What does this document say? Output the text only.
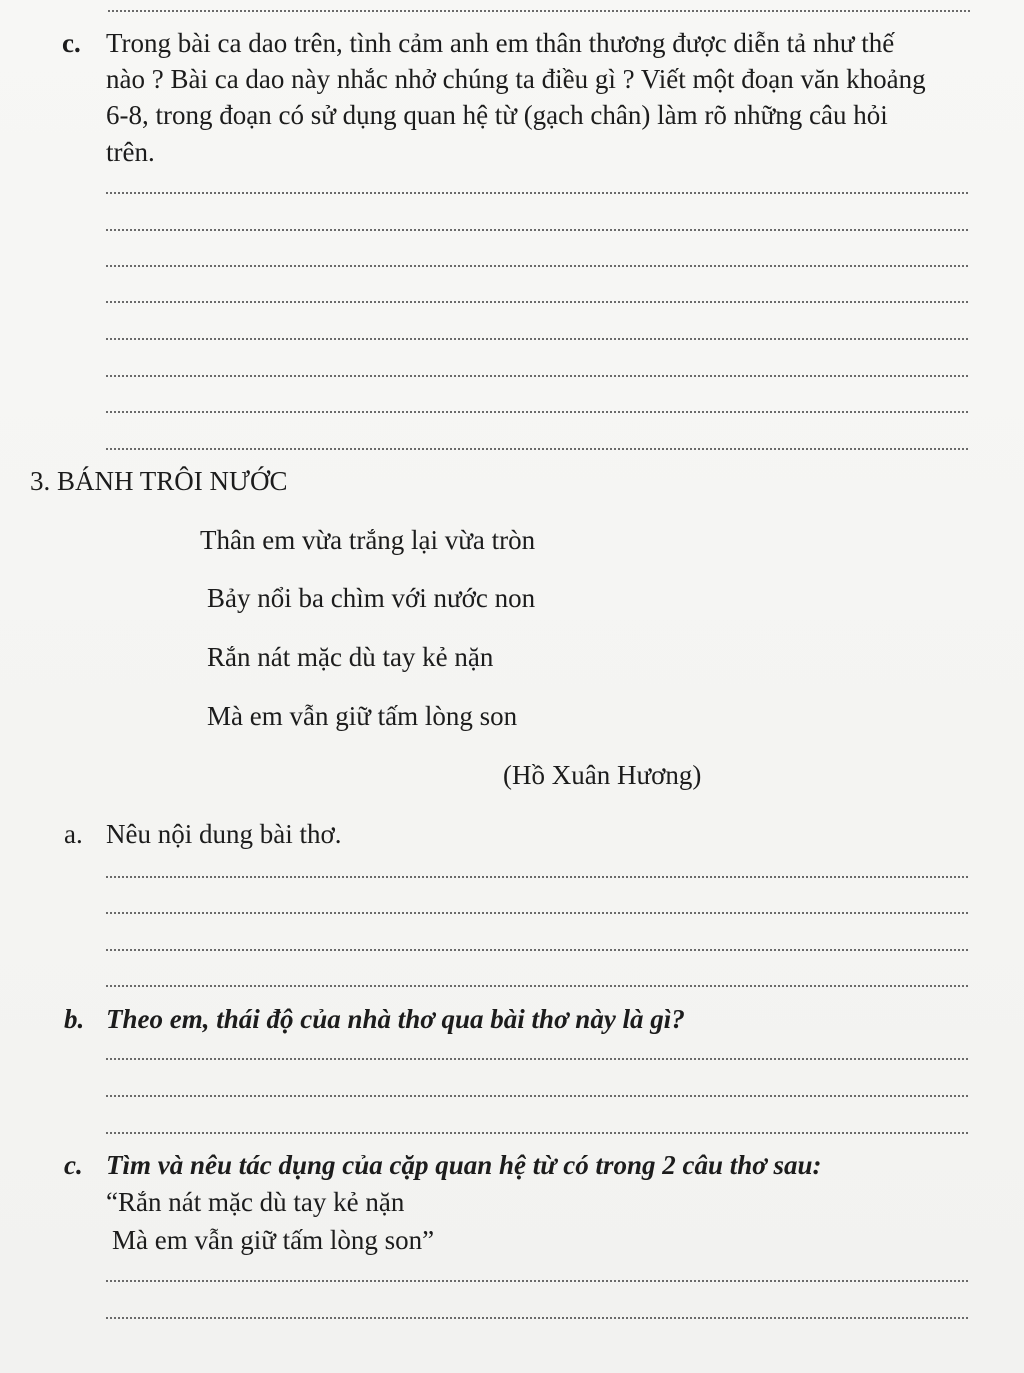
c. Trong bài ca dao trên, tình cảm anh em thân thương được diễn tả như thế
nào ? Bài ca dao này nhắc nhở chúng ta điều gì ? Viết một đoạn văn khoảng
6-8, trong đoạn có sử dụng quan hệ từ (gạch chân) làm rõ những câu hỏi
trên.
3. BÁNH TRÔI NƯỚC
Thân em vừa trắng lại vừa tròn
Bảy nổi ba chìm với nước non
Rắn nát mặc dù tay kẻ nặn
Mà em vẫn giữ tấm lòng son
(Hồ Xuân Hương)
a. Nêu nội dung bài thơ.
b. Theo em, thái độ của nhà thơ qua bài thơ này là gì?
c. Tìm và nêu tác dụng của cặp quan hệ từ có trong 2 câu thơ sau:
“Rắn nát mặc dù tay kẻ nặn
Mà em vẫn giữ tấm lòng son”
